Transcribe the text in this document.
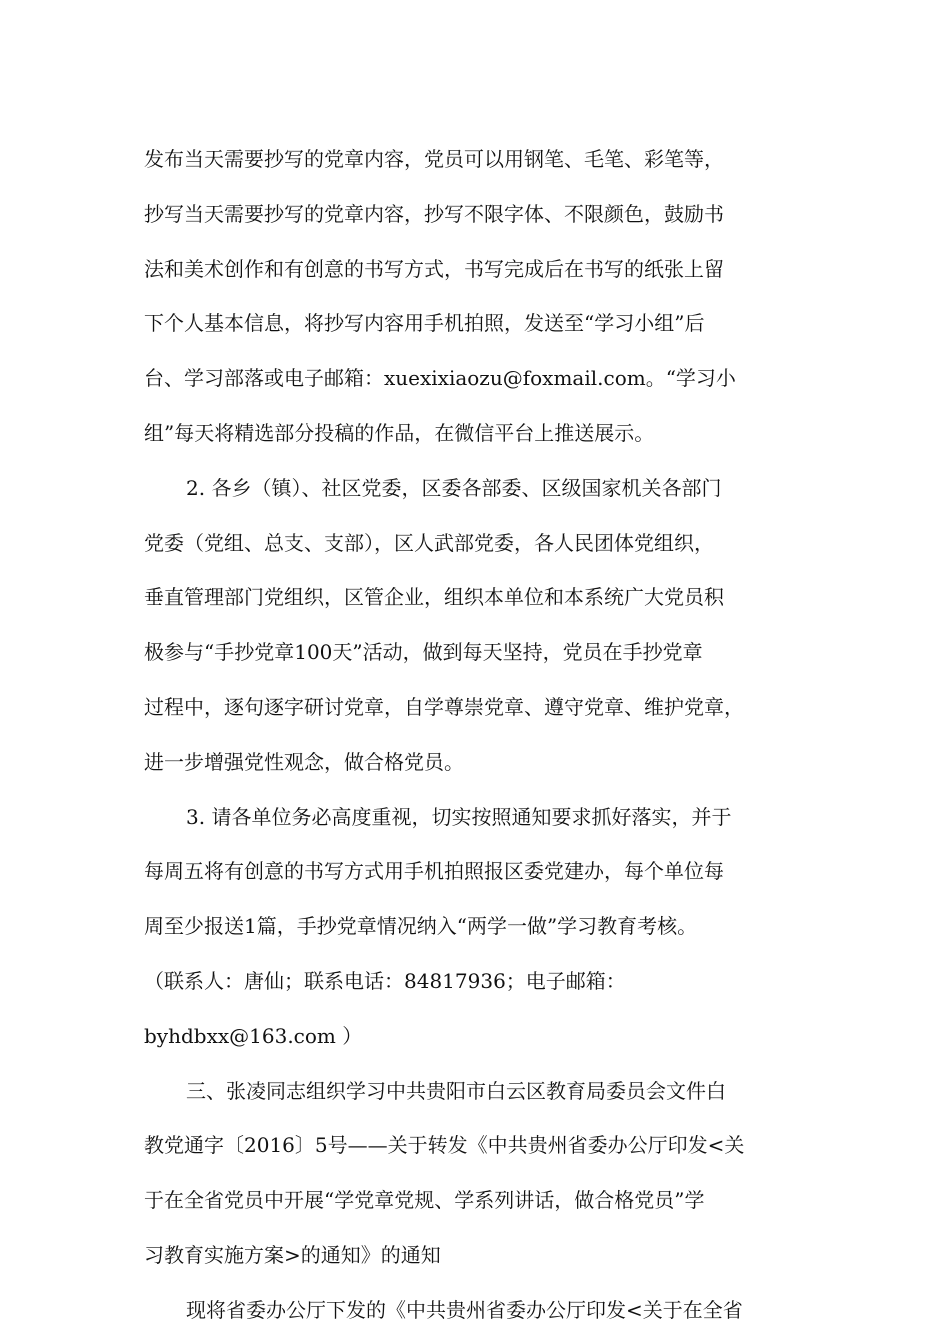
发布当天需要抄写的党章内容，党员可以用钢笔、毛笔、彩笔等，
抄写当天需要抄写的党章内容，抄写不限字体、不限颜色，鼓励书
法和美术创作和有创意的书写方式，书写完成后在书写的纸张上留
下个人基本信息，将抄写内容用手机拍照，发送至“学习小组”后
台、学习部落或电子邮箱：xuexixiaozu@foxmail.com。“学习小
组”每天将精选部分投稿的作品，在微信平台上推送展示。
2. 各乡（镇）、社区党委，区委各部委、区级国家机关各部门
党委（党组、总支、支部），区人武部党委，各人民团体党组织，
垂直管理部门党组织，区管企业，组织本单位和本系统广大党员积
极参与“手抄党章100天”活动，做到每天坚持，党员在手抄党章
过程中，逐句逐字研讨党章，自学尊崇党章、遵守党章、维护党章，
进一步增强党性观念，做合格党员。
3. 请各单位务必高度重视，切实按照通知要求抓好落实，并于
每周五将有创意的书写方式用手机拍照报区委党建办，每个单位每
周至少报送1篇，手抄党章情况纳入“两学一做”学习教育考核。
（联系人：唐仙；联系电话：84817936；电子邮箱：
byhdbxx@163.com ）
三、张凌同志组织学习中共贵阳市白云区教育局委员会文件白
教党通字〔2016〕5号——关于转发《中共贵州省委办公厅印发<关
于在全省党员中开展“学党章党规、学系列讲话，做合格党员”学
习教育实施方案>的通知》的通知
现将省委办公厅下发的《中共贵州省委办公厅印发<关于在全省
